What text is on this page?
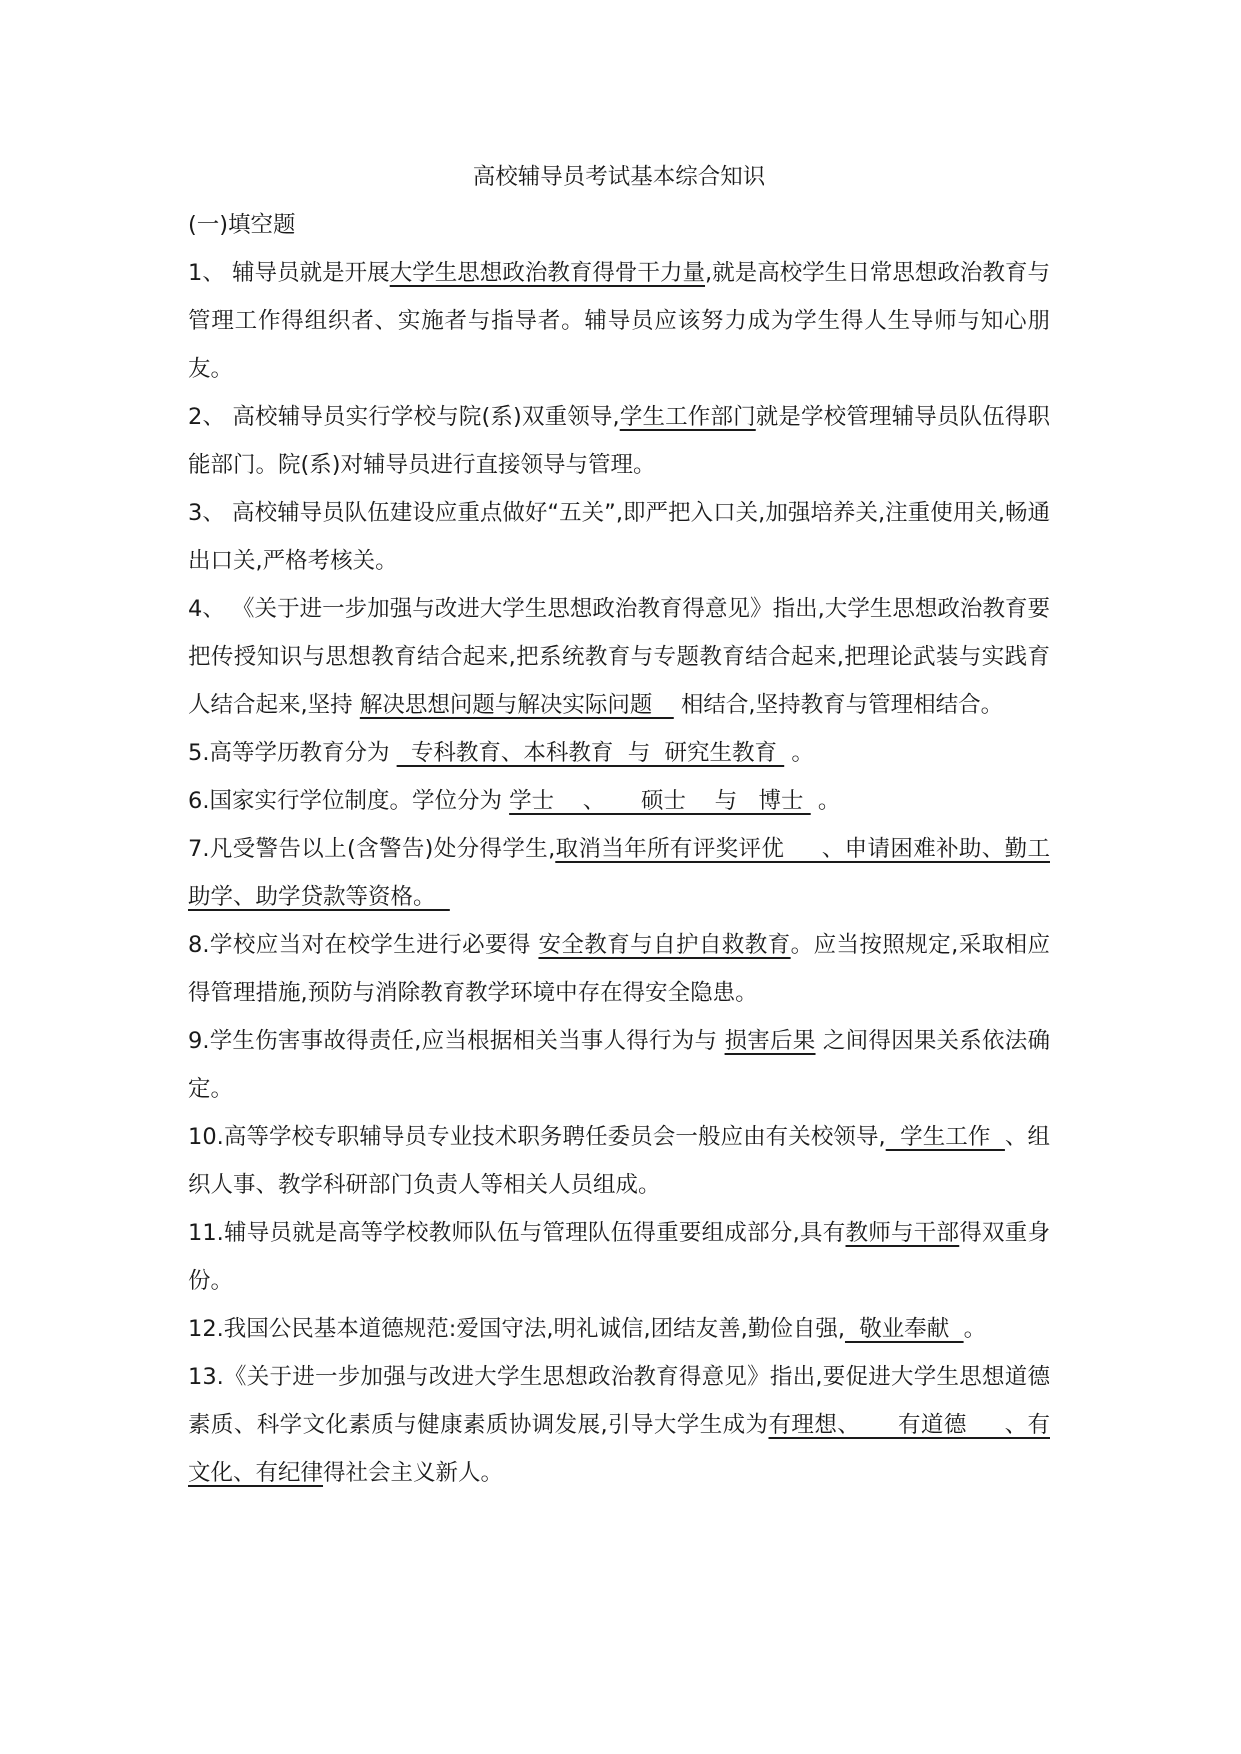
高校辅导员考试基本综合知识

(一)填空题

1、 辅导员就是开展大学生思想政治教育得骨干力量,就是高校学生日常思想政治教育与管理工作得组织者、实施者与指导者。辅导员应该努力成为学生得人生导师与知心朋友。

2、 高校辅导员实行学校与院(系)双重领导,学生工作部门就是学校管理辅导员队伍得职能部门。院(系)对辅导员进行直接领导与管理。

3、 高校辅导员队伍建设应重点做好“五关”,即严把入口关,加强培养关,注重使用关,畅通出口关,严格考核关。

4、 《关于进一步加强与改进大学生思想政治教育得意见》指出,大学生思想政治教育要把传授知识与思想教育结合起来,把系统教育与专题教育结合起来,把理论武装与实践育人结合起来,坚持 解决思想问题与解决实际问题    相结合,坚持教育与管理相结合。

5.高等学历教育分为   专科教育、本科教育  与  研究生教育  。

6.国家实行学位制度。学位分为 学士    、     硕士    与   博士  。

7.凡受警告以上(含警告)处分得学生,取消当年所有评奖评优     、申请困难补助、勤工助学、助学贷款等资格。

8.学校应当对在校学生进行必要得 安全教育与自护自救教育。应当按照规定,采取相应得管理措施,预防与消除教育教学环境中存在得安全隐患。

9.学生伤害事故得责任,应当根据相关当事人得行为与 损害后果 之间得因果关系依法确定。

10.高等学校专职辅导员专业技术职务聘任委员会一般应由有关校领导,  学生工作  、组织人事、教学科研部门负责人等相关人员组成。

11.辅导员就是高等学校教师队伍与管理队伍得重要组成部分,具有教师与干部得双重身份。

12.我国公民基本道德规范:爱国守法,明礼诚信,团结友善,勤俭自强,  敬业奉献  。

13.《关于进一步加强与改进大学生思想政治教育得意见》指出,要促进大学生思想道德素质、科学文化素质与健康素质协调发展,引导大学生成为有理想、     有道德     、有文化、有纪律得社会主义新人。
